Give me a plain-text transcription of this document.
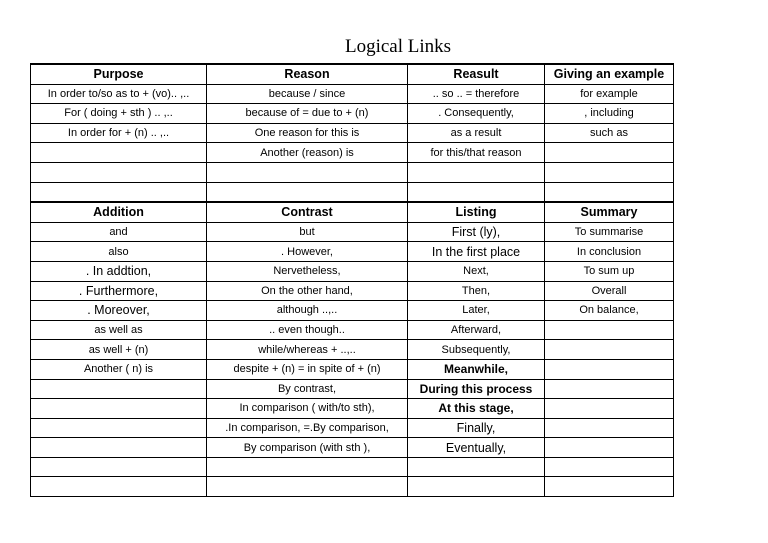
Logical Links
Purpose	Reason	Reasult	Giving an example
In order to/so as to + (vo).. ,..	because / since	.. so .. = therefore	for example
For ( doing + sth ) .. ,..	because of = due to + (n)	. Consequently,	, including
In order for + (n) .. ,..	One reason for this is	as a result	such as
	Another (reason) is	for this/that reason	

Addition	Contrast	Listing	Summary
and	but	First (ly),	To summarise
also	. However,	In the first place	In conclusion
. In addtion,	Nervetheless,	Next,	To sum up
. Furthermore,	On the other hand,	Then,	Overall
. Moreover,	although ..,..	Later,	On balance,
as well as	.. even though..	Afterward,	
as well + (n)	while/whereas + ..,..	Subsequently,	
Another ( n) is	despite + (n) = in spite of + (n)	Meanwhile,	
	By contrast,	During this process	
	In comparison ( with/to sth),	At this stage,	
	.In comparison, =.By comparison,	Finally,	
	By comparison (with sth ),	Eventually,	
